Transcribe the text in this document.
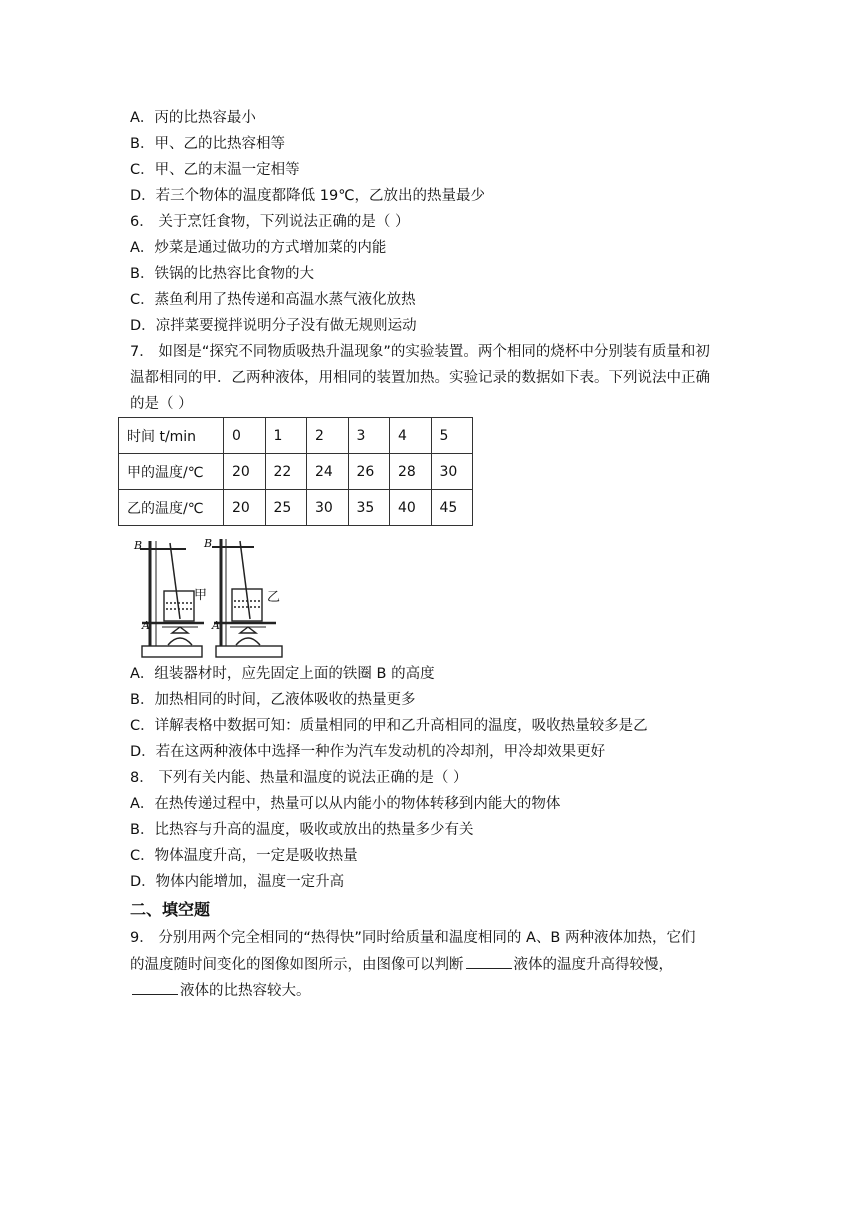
A．丙的比热容最小
B．甲、乙的比热容相等
C．甲、乙的末温一定相等
D．若三个物体的温度都降低 19℃，乙放出的热量最少
6． 关于烹饪食物，下列说法正确的是（ ）
A．炒菜是通过做功的方式增加菜的内能
B．铁锅的比热容比食物的大
C．蒸鱼利用了热传递和高温水蒸气液化放热
D．凉拌菜要搅拌说明分子没有做无规则运动
7． 如图是“探究不同物质吸热升温现象”的实验装置。两个相同的烧杯中分别装有质量和初
温都相同的甲．乙两种液体，用相同的装置加热。实验记录的数据如下表。下列说法中正确
的是（ ）
时间 t/min	0	1	2	3	4	5
甲的温度/℃	20	22	24	26	28	30
乙的温度/℃	20	25	30	35	40	45
B
A
甲
B
A
乙
A．组装器材时，应先固定上面的铁圈 B 的高度
B．加热相同的时间，乙液体吸收的热量更多
C．详解表格中数据可知：质量相同的甲和乙升高相同的温度，吸收热量较多是乙
D．若在这两种液体中选择一种作为汽车发动机的冷却剂，甲冷却效果更好
8． 下列有关内能、热量和温度的说法正确的是（ ）
A．在热传递过程中，热量可以从内能小的物体转移到内能大的物体
B．比热容与升高的温度，吸收或放出的热量多少有关
C．物体温度升高，一定是吸收热量
D．物体内能增加，温度一定升高
二、填空题
9． 分别用两个完全相同的“热得快”同时给质量和温度相同的 A、B 两种液体加热，它们
的温度随时间变化的图像如图所示，由图像可以判断	液体的温度升高得较慢，
液体的比热容较大。
